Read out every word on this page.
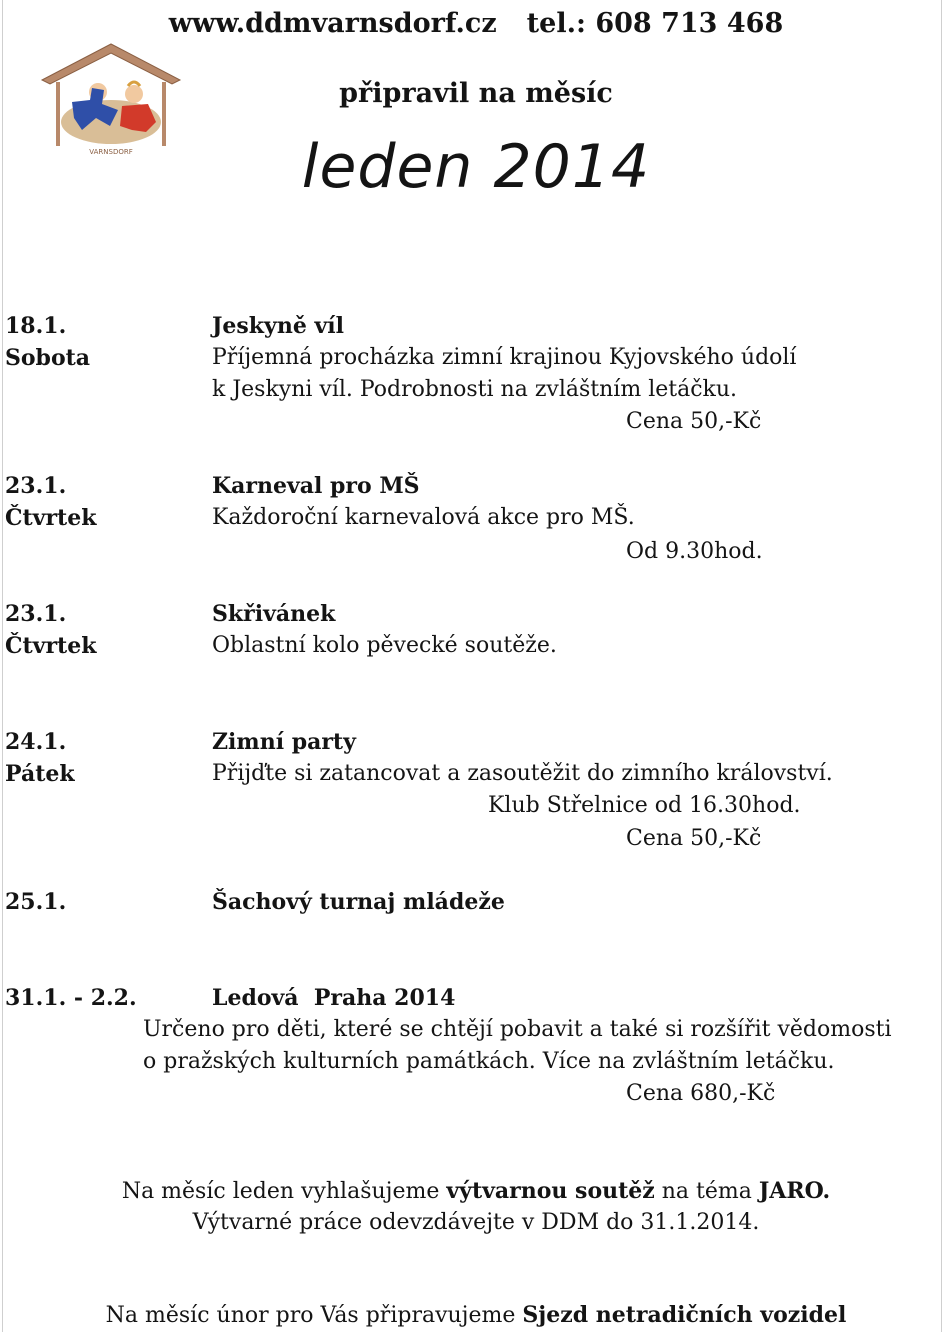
VARNSDORF
www.ddmvarnsdorf.cz tel.: 608 713 468
připravil na měsíc
leden 2014
18.1.
Sobota
Jeskyně víl
Příjemná procházka zimní krajinou Kyjovského údolí
k Jeskyni víl. Podrobnosti na zvláštním letáčku.
Cena 50,-Kč
23.1.
Čtvrtek
Karneval pro MŠ
Každoroční karnevalová akce pro MŠ.
Od 9.30hod.
23.1.
Čtvrtek
Skřivánek
Oblastní kolo pěvecké soutěže.
24.1.
Pátek
Zimní party
Přijďte si zatancovat a zasoutěžit do zimního království.
Klub Střelnice od 16.30hod.
Cena 50,-Kč
25.1.	Šachový turnaj mládeže
31.1. - 2.2.	Ledová  Praha 2014
Určeno pro děti, které se chtějí pobavit a také si rozšířit vědomosti
o pražských kulturních památkách. Více na zvláštním letáčku.
Cena 680,-Kč
Na měsíc leden vyhlašujeme výtvarnou soutěž na téma JARO.
Výtvarné práce odevzdávejte v DDM do 31.1.2014.
Na měsíc únor pro Vás připravujeme Sjezd netradičních vozidel
